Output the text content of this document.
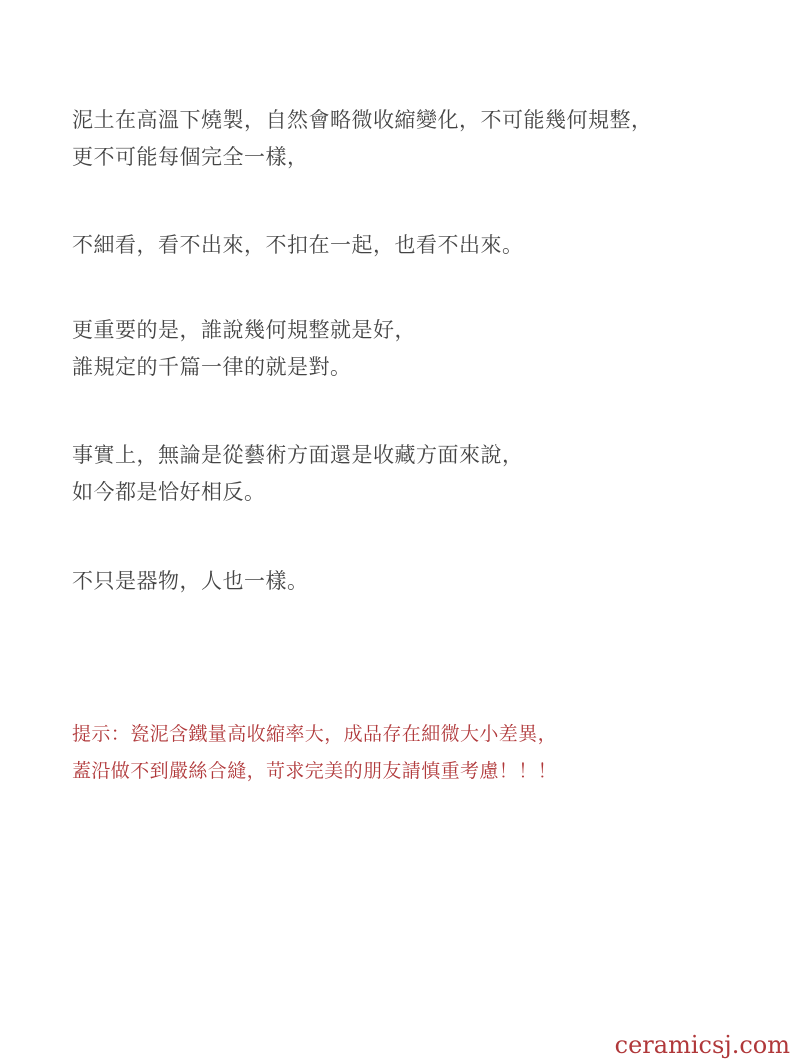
泥土在高溫下燒製，自然會略微收縮變化，不可能幾何規整，
更不可能每個完全一樣，

不細看，看不出來，不扣在一起，也看不出來。

更重要的是，誰說幾何規整就是好，
誰規定的千篇一律的就是對。

事實上，無論是從藝術方面還是收藏方面來說，
如今都是恰好相反。

不只是器物，人也一樣。

提示：瓷泥含鐵量高收縮率大，成品存在細微大小差異，
蓋沿做不到嚴絲合縫，苛求完美的朋友請慎重考慮！！！

ceramicsj.com
